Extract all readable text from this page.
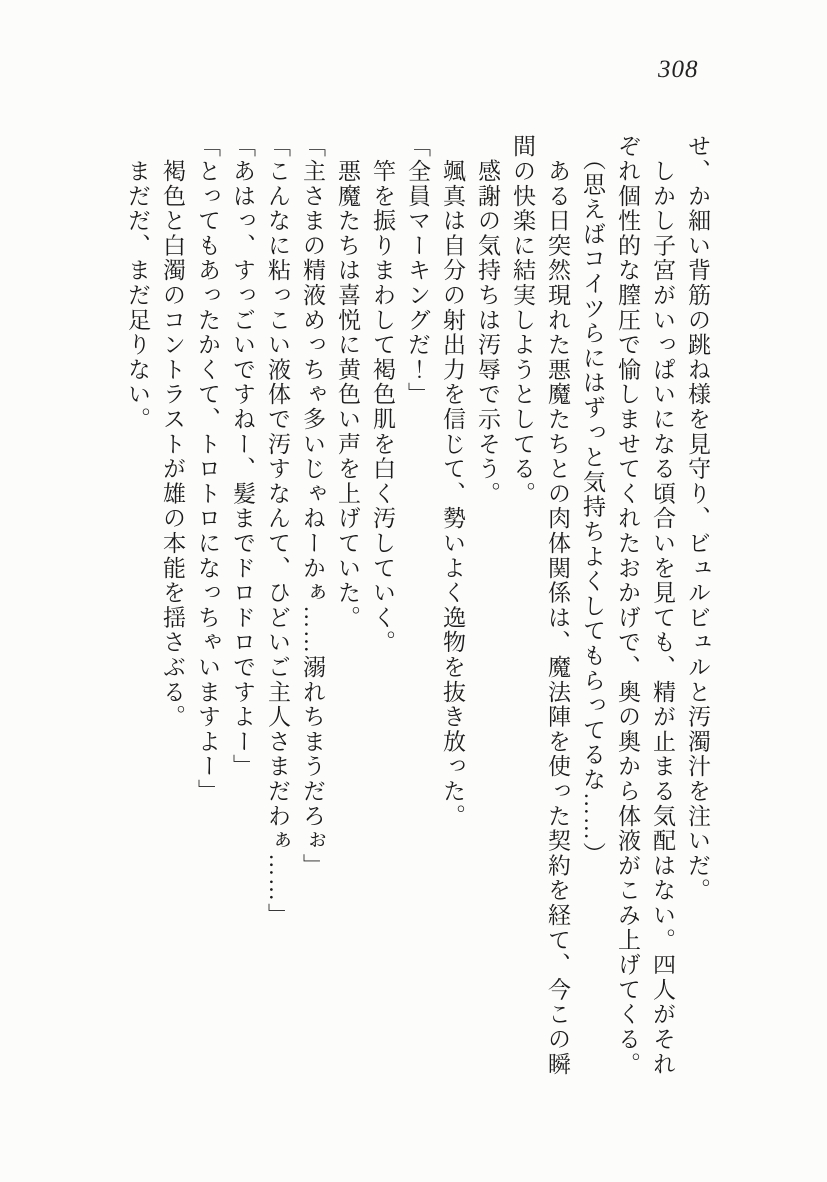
308

せ、か細い背筋の跳ね様を見守り、ビュルビュルと汚濁汁を注いだ。

　しかし子宮がいっぱいになる頃合いを見ても、精が止まる気配はない。四人がそれぞれ個性的な膣圧で愉しませてくれたおかげで、奥の奥から体液がこみ上げてくる。

　（思えばコイツらにはずっと気持ちよくしてもらってるな……）

　ある日突然現れた悪魔たちとの肉体関係は、魔法陣を使った契約を経て、今この瞬間の快楽に結実しようとしてる。

　感謝の気持ちは汚辱で示そう。

　颯真は自分の射出力を信じて、勢いよく逸物を抜き放った。

「全員マーキングだ！」

　竿を振りまわして褐色肌を白く汚していく。

　悪魔たちは喜悦に黄色い声を上げていた。

「主さまの精液めっちゃ多いじゃねーかぁ……溺れちまうだろぉ」

「こんなに粘っこい液体で汚すなんて、ひどいご主人さまだわぁ……」

「あはっ、すっごいですねー、髪までドロドロですよー」

「とってもあったかくて、トロトロになっちゃいますよー」

　褐色と白濁のコントラストが雄の本能を揺さぶる。

　まだだ、まだ足りない。
